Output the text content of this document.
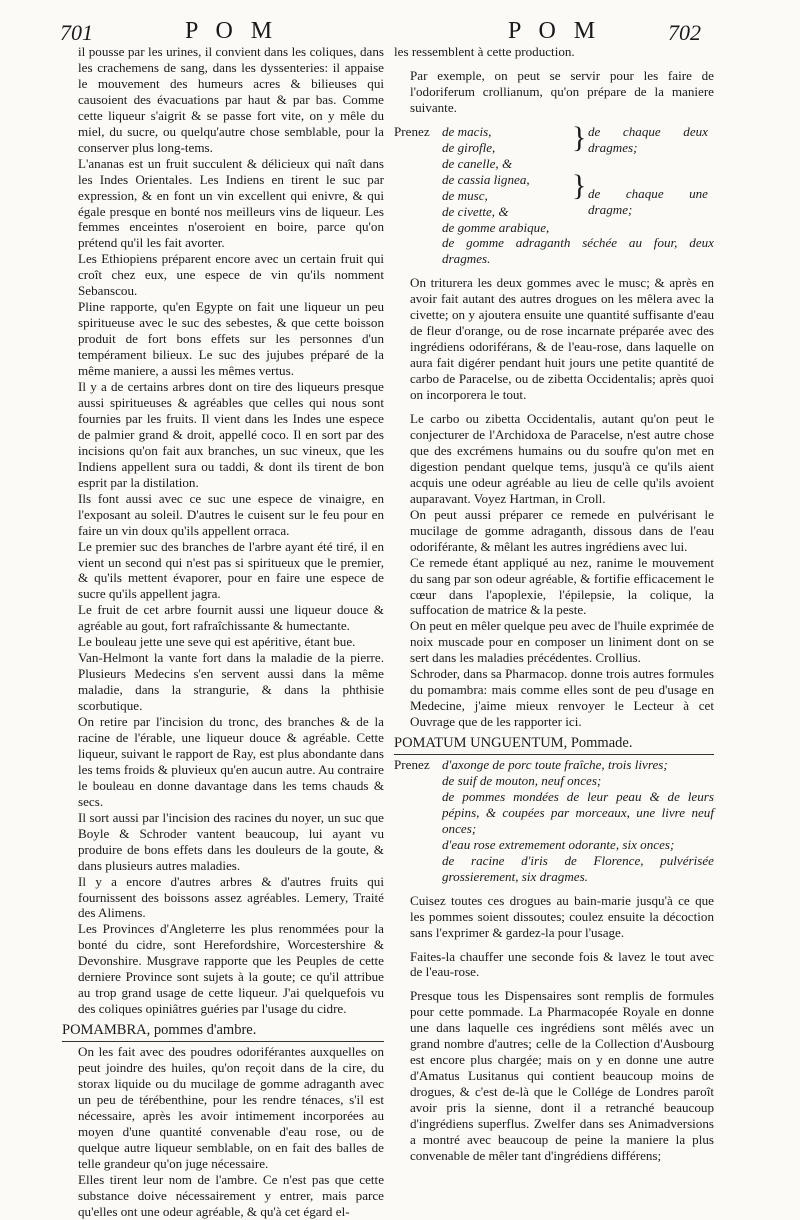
701	P O M	P O M	702

il pousse par les urines, il convient dans les coliques, dans les crachemens de sang, dans les dyssenteries: il appaise le mouvement des humeurs acres & bilieuses qui causoient des évacuations par haut & par bas. Comme cette liqueur s'aigrit & se passe fort vite, on y mêle du miel, du sucre, ou quelqu'autre chose semblable, pour la conserver plus long-tems.

L'ananas est un fruit succulent & délicieux qui naît dans les Indes Orientales. Les Indiens en tirent le suc par expression, & en font un vin excellent qui enivre, & qui égale presque en bonté nos meilleurs vins de liqueur. Les femmes enceintes n'oseroient en boire, parce qu'on prétend qu'il les fait avorter.

Les Ethiopiens préparent encore avec un certain fruit qui croît chez eux, une espece de vin qu'ils nomment Sebanscou.

Pline rapporte, qu'en Egypte on fait une liqueur un peu spiritueuse avec le suc des sebestes, & que cette boisson produit de fort bons effets sur les personnes d'un tempérament bilieux. Le suc des jujubes préparé de la même maniere, a aussi les mêmes vertus.

Il y a de certains arbres dont on tire des liqueurs presque aussi spiritueuses & agréables que celles qui nous sont fournies par les fruits. Il vient dans les Indes une espece de palmier grand & droit, appellé coco. Il en sort par des incisions qu'on fait aux branches, un suc vineux, que les Indiens appellent sura ou taddi, & dont ils tirent de bon esprit par la distilation.

Ils font aussi avec ce suc une espece de vinaigre, en l'exposant au soleil. D'autres le cuisent sur le feu pour en faire un vin doux qu'ils appellent orraca.

Le premier suc des branches de l'arbre ayant été tiré, il en vient un second qui n'est pas si spiritueux que le premier, & qu'ils mettent évaporer, pour en faire une espece de sucre qu'ils appellent jagra.

Le fruit de cet arbre fournit aussi une liqueur douce & agréable au gout, fort rafraîchissante & humectante.

Le bouleau jette une seve qui est apéritive, étant bue.

Van-Helmont la vante fort dans la maladie de la pierre. Plusieurs Medecins s'en servent aussi dans la même maladie, dans la strangurie, & dans la phthisie scorbutique.

On retire par l'incision du tronc, des branches & de la racine de l'érable, une liqueur douce & agréable. Cette liqueur, suivant le rapport de Ray, est plus abondante dans les tems froids & pluvieux qu'en aucun autre. Au contraire le bouleau en donne davantage dans les tems chauds & secs.

Il sort aussi par l'incision des racines du noyer, un suc que Boyle & Schroder vantent beaucoup, lui ayant vu produire de bons effets dans les douleurs de la goute, & dans plusieurs autres maladies.

Il y a encore d'autres arbres & d'autres fruits qui fournissent des boissons assez agréables. Lemery, Traité des Alimens.

Les Provinces d'Angleterre les plus renommées pour la bonté du cidre, sont Herefordshire, Worcestershire & Devonshire. Musgrave rapporte que les Peuples de cette derniere Province sont sujets à la goute; ce qu'il attribue au trop grand usage de cette liqueur. J'ai quelquefois vu des coliques opiniâtres guéries par l'usage du cidre.

POMAMBRA, pommes d'ambre.

On les fait avec des poudres odoriférantes auxquelles on peut joindre des huiles, qu'on reçoit dans de la cire, du storax liquide ou du mucilage de gomme adraganth avec un peu de térébenthine, pour les rendre ténaces, s'il est nécessaire, après les avoir intimement incorporées au moyen d'une quantité convenable d'eau rose, ou de quelque autre liqueur semblable, on en fait des balles de telle grandeur qu'on juge nécessaire.

Elles tirent leur nom de l'ambre. Ce n'est pas que cette substance doive nécessairement y entrer, mais parce qu'elles ont une odeur agréable, & qu'à cet égard el-

les ressemblent à cette production.

Par exemple, on peut se servir pour les faire de l'odoriferum crollianum, qu'on prépare de la maniere suivante.

Prenez de macis,
de girofle,
de canelle, &
} de chaque deux dragmes;
de cassia lignea,
de musc,
de civette, &
} de chaque une dragme;
de gomme arabique,
de gomme adraganth séchée au four, deux dragmes.

On triturera les deux gommes avec le musc; & après en avoir fait autant des autres drogues on les mêlera avec la civette; on y ajoutera ensuite une quantité suffisante d'eau de fleur d'orange, ou de rose incarnate préparée avec des ingrédiens odoriférans, & de l'eau-rose, dans laquelle on aura fait digérer pendant huit jours une petite quantité de carbo de Paracelse, ou de zibetta Occidentalis; après quoi on incorporera le tout.

Le carbo ou zibetta Occidentalis, autant qu'on peut le conjecturer de l'Archidoxa de Paracelse, n'est autre chose que des excrémens humains ou du soufre qu'on met en digestion pendant quelque tems, jusqu'à ce qu'ils aient acquis une odeur agréable au lieu de celle qu'ils avoient auparavant. Voyez Hartman, in Croll.

On peut aussi préparer ce remede en pulvérisant le mucilage de gomme adraganth, dissous dans de l'eau odoriférante, & mêlant les autres ingrédiens avec lui.

Ce remede étant appliqué au nez, ranime le mouvement du sang par son odeur agréable, & fortifie efficacement le cœur dans l'apoplexie, l'épilepsie, la colique, la suffocation de matrice & la peste.

On peut en mêler quelque peu avec de l'huile exprimée de noix muscade pour en composer un liniment dont on se sert dans les maladies précédentes. Crollius.

Schroder, dans sa Pharmacop. donne trois autres formules du pomambra: mais comme elles sont de peu d'usage en Medecine, j'aime mieux renvoyer le Lecteur à cet Ouvrage que de les rapporter ici.

POMATUM UNGUENTUM, Pommade.
Prenez d'axonge de porc toute fraîche, trois livres;
de suif de mouton, neuf onces;
de pommes mondées de leur peau & de leurs pépins, & coupées par morceaux, une livre neuf onces;
d'eau rose extremement odorante, six onces;
de racine d'iris de Florence, pulvérisée grossierement, six dragmes.

Cuisez toutes ces drogues au bain-marie jusqu'à ce que les pommes soient dissoutes; coulez ensuite la décoction sans l'exprimer & gardez-la pour l'usage.

Faites-la chauffer une seconde fois & lavez le tout avec de l'eau-rose.

Presque tous les Dispensaires sont remplis de formules pour cette pommade. La Pharmacopée Royale en donne une dans laquelle ces ingrédiens sont mêlés avec un grand nombre d'autres; celle de la Collection d'Ausbourg est encore plus chargée; mais on y en donne une autre d'Amatus Lusitanus qui contient beaucoup moins de drogues, & c'est de-là que le Collége de Londres paroît avoir pris la sienne, dont il a retranché beaucoup d'ingrédiens superflus. Zwelfer dans ses Animadversions a montré avec beaucoup de peine la maniere la plus convenable de mêler tant d'ingrédiens différens;
